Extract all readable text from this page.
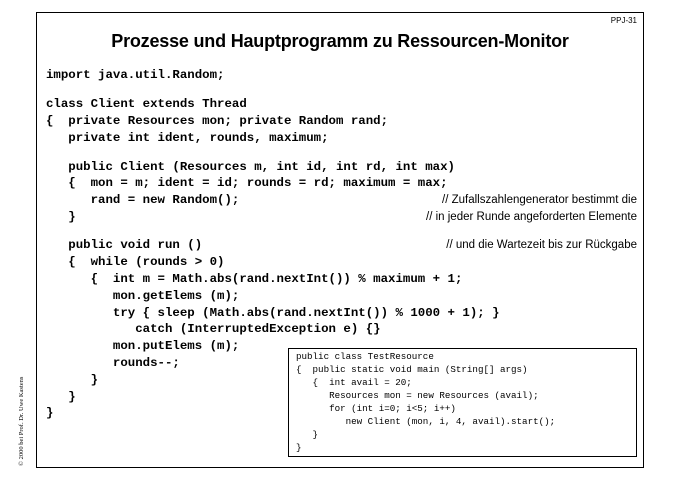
PPJ-31
Prozesse und Hauptprogramm zu Ressourcen-Monitor
import java.util.Random;
class Client extends Thread
{  private Resources mon; private Random rand;
private int ident, rounds, maximum;
public Client (Resources m, int id, int rd, int max)
{  mon = m; ident = id; rounds = rd; maximum = max;
rand = new Random();
}
public void run ()
{  while (rounds > 0)
{  int m = Math.abs(rand.nextInt()) % maximum + 1;
mon.getElems (m);
try { sleep (Math.abs(rand.nextInt()) % 1000 + 1); }
catch (InterruptedException e) {}
mon.putElems (m);
rounds--;
}
}
}
// Zufallszahlengenerator bestimmt die
// in jeder Runde angeforderten Elemente
// und die Wartezeit bis zur Rückgabe
public class TestResource
{  public static void main (String[] args)
{  int avail = 20;
Resources mon = new Resources (avail);
for (int i=0; i<5; i++)
new Client (mon, i, 4, avail).start();
}
}
© 2000 bei Prof. Dr. Uwe Kastens
